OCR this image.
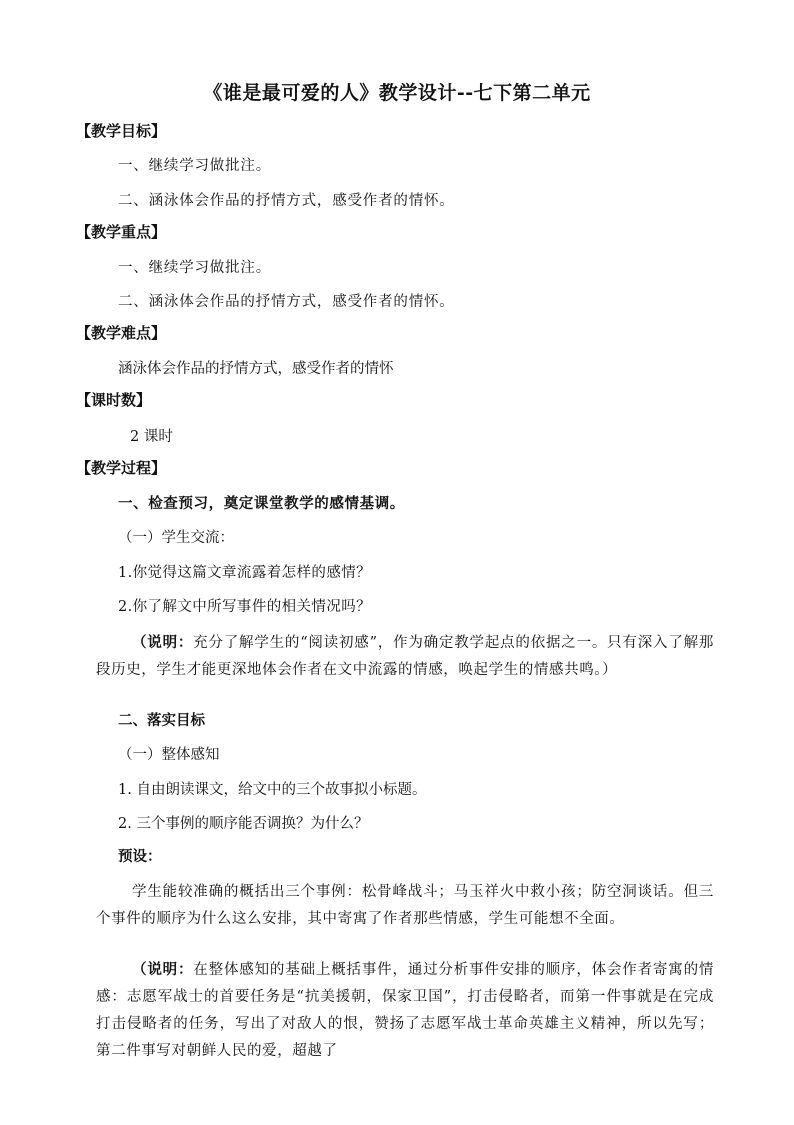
《谁是最可爱的人》教学设计--七下第二单元
【教学目标】
一、继续学习做批注。
二、涵泳体会作品的抒情方式，感受作者的情怀。
【教学重点】
一、继续学习做批注。
二、涵泳体会作品的抒情方式，感受作者的情怀。
【教学难点】
涵泳体会作品的抒情方式，感受作者的情怀
【课时数】
2 课时
【教学过程】
一、检查预习，奠定课堂教学的感情基调。
（一）学生交流：
1.你觉得这篇文章流露着怎样的感情？
2.你了解文中所写事件的相关情况吗？
（说明：充分了解学生的“阅读初感”，作为确定教学起点的依据之一。只有深入了解那段历史，学生才能更深地体会作者在文中流露的情感，唤起学生的情感共鸣。）
二、落实目标
（一）整体感知
1. 自由朗读课文，给文中的三个故事拟小标题。
2. 三个事例的顺序能否调换？为什么？
预设：
学生能较准确的概括出三个事例：松骨峰战斗；马玉祥火中救小孩；防空洞谈话。但三个事件的顺序为什么这么安排，其中寄寓了作者那些情感，学生可能想不全面。
（说明：在整体感知的基础上概括事件，通过分析事件安排的顺序，体会作者寄寓的情感：志愿军战士的首要任务是“抗美援朝，保家卫国”，打击侵略者，而第一件事就是在完成打击侵略者的任务，写出了对敌人的恨，赞扬了志愿军战士革命英雄主义精神，所以先写；第二件事写对朝鲜人民的爱，超越了
